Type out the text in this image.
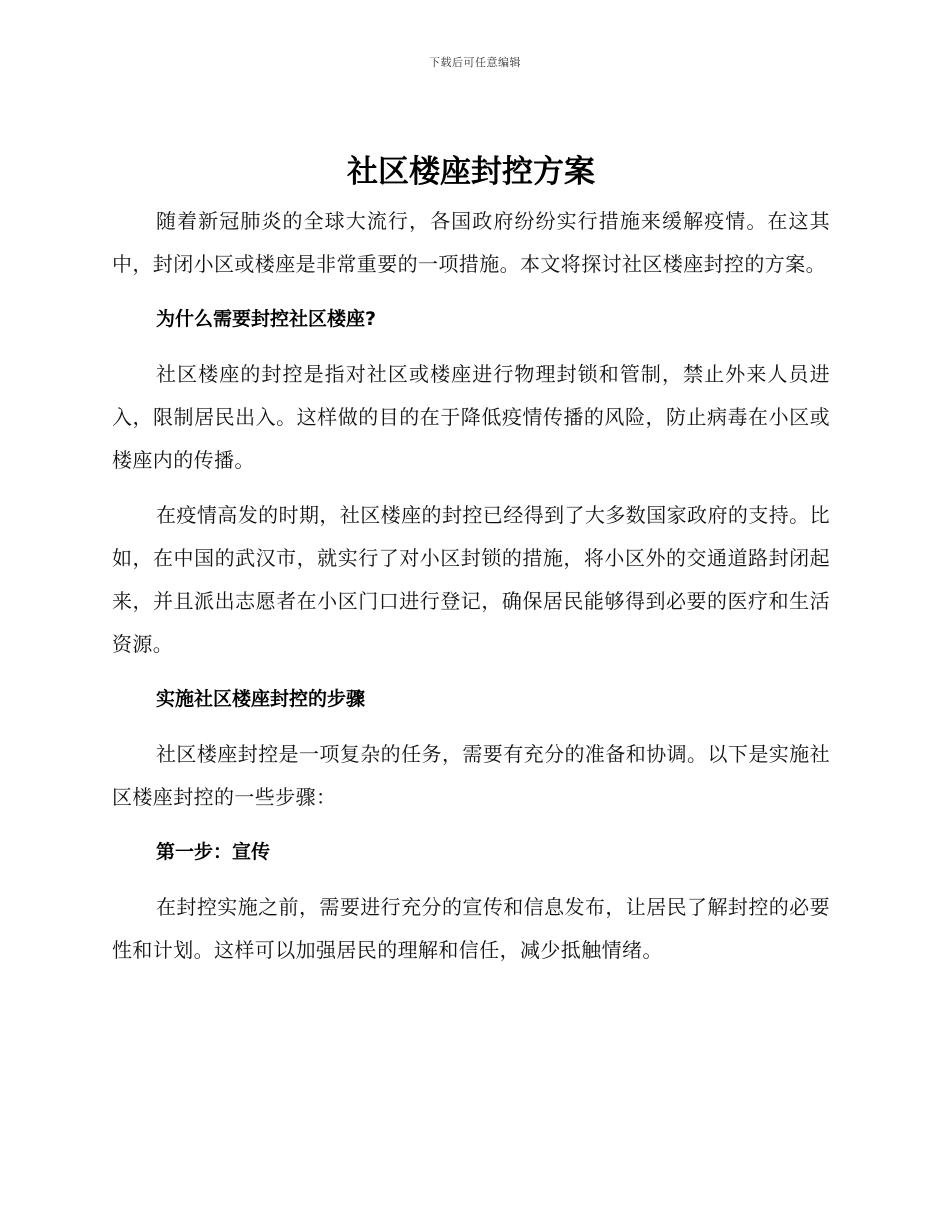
下载后可任意编辑
社区楼座封控方案

随着新冠肺炎的全球大流行，各国政府纷纷实行措施来缓解疫情。在这其中，封闭小区或楼座是非常重要的一项措施。本文将探讨社区楼座封控的方案。

为什么需要封控社区楼座?

社区楼座的封控是指对社区或楼座进行物理封锁和管制，禁止外来人员进入，限制居民出入。这样做的目的在于降低疫情传播的风险，防止病毒在小区或楼座内的传播。

在疫情高发的时期，社区楼座的封控已经得到了大多数国家政府的支持。比如，在中国的武汉市，就实行了对小区封锁的措施，将小区外的交通道路封闭起来，并且派出志愿者在小区门口进行登记，确保居民能够得到必要的医疗和生活资源。

实施社区楼座封控的步骤

社区楼座封控是一项复杂的任务，需要有充分的准备和协调。以下是实施社区楼座封控的一些步骤：

第一步：宣传

在封控实施之前，需要进行充分的宣传和信息发布，让居民了解封控的必要性和计划。这样可以加强居民的理解和信任，减少抵触情绪。
